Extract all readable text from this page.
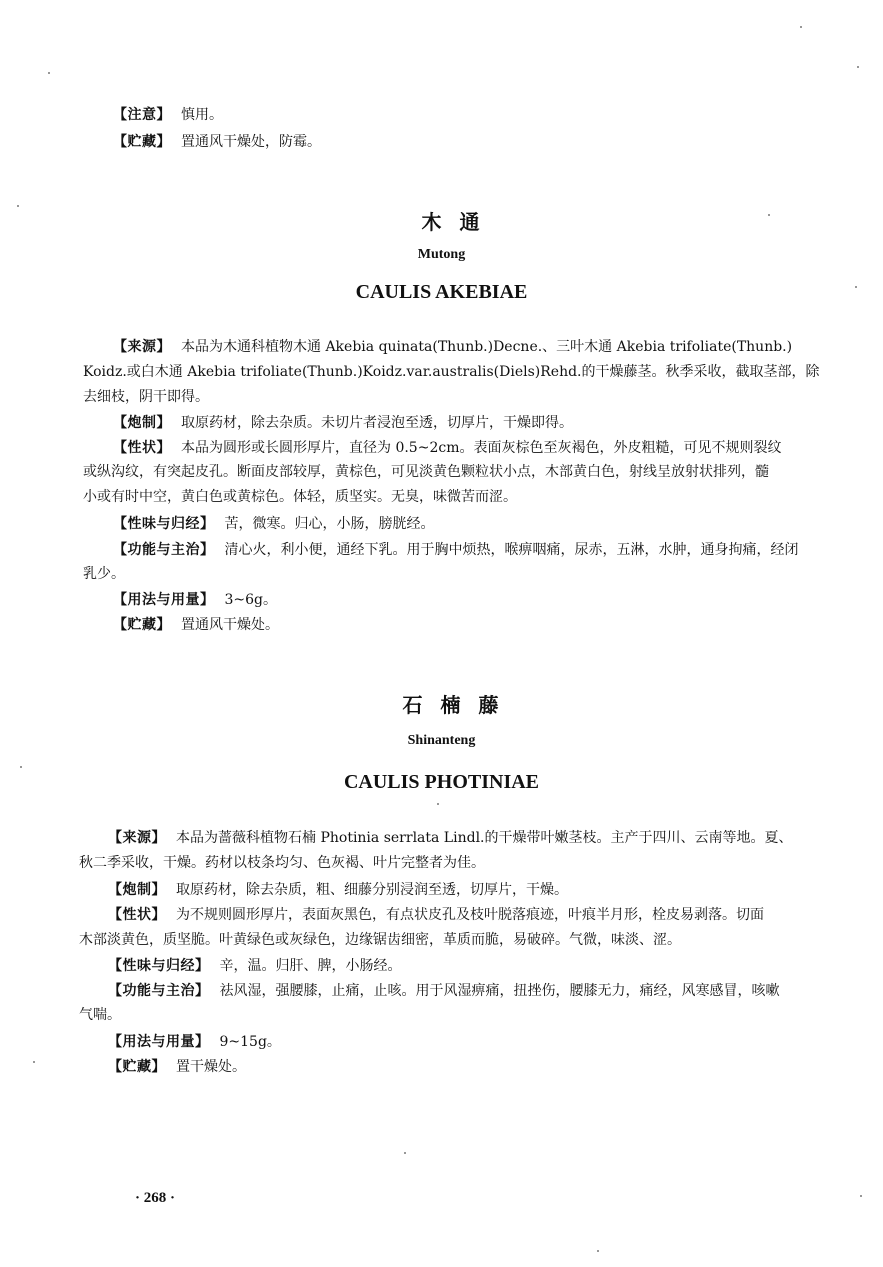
【注意】 慎用。
【贮藏】 置通风干燥处，防霉。
木通
Mutong
CAULIS AKEBIAE
【来源】 本品为木通科植物木通 Akebia quinata(Thunb.)Decne.、三叶木通 Akebia trifoliate(Thunb.)
Koidz.或白木通 Akebia trifoliate(Thunb.)Koidz.var.australis(Diels)Rehd.的干燥藤茎。秋季采收，截取茎部，除
去细枝，阴干即得。
【炮制】 取原药材，除去杂质。未切片者浸泡至透，切厚片，干燥即得。
【性状】 本品为圆形或长圆形厚片，直径为 0.5~2cm。表面灰棕色至灰褐色，外皮粗糙，可见不规则裂纹
或纵沟纹，有突起皮孔。断面皮部较厚，黄棕色，可见淡黄色颗粒状小点，木部黄白色，射线呈放射状排列，髓
小或有时中空，黄白色或黄棕色。体轻，质坚实。无臭，味微苦而涩。
【性味与归经】 苦，微寒。归心，小肠，膀胱经。
【功能与主治】 清心火，利小便，通经下乳。用于胸中烦热，喉痹咽痛，尿赤，五淋，水肿，通身拘痛，经闭
乳少。
【用法与用量】 3~6g。
【贮藏】 置通风干燥处。
石楠藤
Shinanteng
CAULIS PHOTINIAE
【来源】 本品为蔷薇科植物石楠 Photinia serrlata Lindl.的干燥带叶嫩茎枝。主产于四川、云南等地。夏、
秋二季采收，干燥。药材以枝条均匀、色灰褐、叶片完整者为佳。
【炮制】 取原药材，除去杂质，粗、细藤分别浸润至透，切厚片，干燥。
【性状】 为不规则圆形厚片，表面灰黑色，有点状皮孔及枝叶脱落痕迹，叶痕半月形，栓皮易剥落。切面
木部淡黄色，质坚脆。叶黄绿色或灰绿色，边缘锯齿细密，革质而脆，易破碎。气微，味淡、涩。
【性味与归经】 辛，温。归肝、脾，小肠经。
【功能与主治】 祛风湿，强腰膝，止痛，止咳。用于风湿痹痛，扭挫伤，腰膝无力，痛经，风寒感冒，咳嗽
气喘。
【用法与用量】 9~15g。
【贮藏】 置干燥处。
· 268 ·
